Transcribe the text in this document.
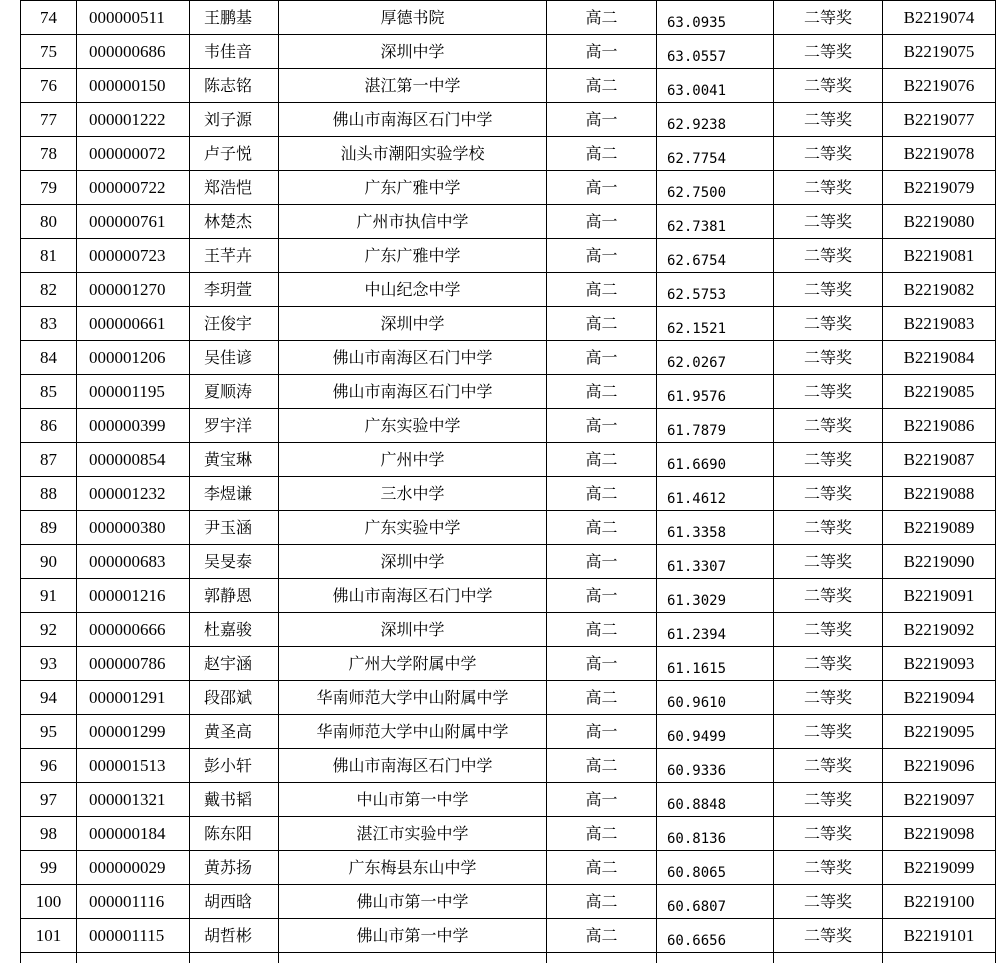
74	000000511	王鹏基	厚德书院	高二	63.0935	二等奖	B2219074
75	000000686	韦佳音	深圳中学	高一	63.0557	二等奖	B2219075
76	000000150	陈志铭	湛江第一中学	高二	63.0041	二等奖	B2219076
77	000001222	刘子源	佛山市南海区石门中学	高一	62.9238	二等奖	B2219077
78	000000072	卢子悦	汕头市潮阳实验学校	高二	62.7754	二等奖	B2219078
79	000000722	郑浩恺	广东广雅中学	高一	62.7500	二等奖	B2219079
80	000000761	林楚杰	广州市执信中学	高一	62.7381	二等奖	B2219080
81	000000723	王芊卉	广东广雅中学	高一	62.6754	二等奖	B2219081
82	000001270	李玥萱	中山纪念中学	高二	62.5753	二等奖	B2219082
83	000000661	汪俊宇	深圳中学	高二	62.1521	二等奖	B2219083
84	000001206	吴佳谚	佛山市南海区石门中学	高一	62.0267	二等奖	B2219084
85	000001195	夏顺涛	佛山市南海区石门中学	高二	61.9576	二等奖	B2219085
86	000000399	罗宇洋	广东实验中学	高一	61.7879	二等奖	B2219086
87	000000854	黄宝琳	广州中学	高二	61.6690	二等奖	B2219087
88	000001232	李煜谦	三水中学	高二	61.4612	二等奖	B2219088
89	000000380	尹玉涵	广东实验中学	高二	61.3358	二等奖	B2219089
90	000000683	吴旻泰	深圳中学	高一	61.3307	二等奖	B2219090
91	000001216	郭静恩	佛山市南海区石门中学	高一	61.3029	二等奖	B2219091
92	000000666	杜嘉骏	深圳中学	高二	61.2394	二等奖	B2219092
93	000000786	赵宇涵	广州大学附属中学	高一	61.1615	二等奖	B2219093
94	000001291	段邵斌	华南师范大学中山附属中学	高二	60.9610	二等奖	B2219094
95	000001299	黄圣高	华南师范大学中山附属中学	高一	60.9499	二等奖	B2219095
96	000001513	彭小轩	佛山市南海区石门中学	高二	60.9336	二等奖	B2219096
97	000001321	戴书韬	中山市第一中学	高一	60.8848	二等奖	B2219097
98	000000184	陈东阳	湛江市实验中学	高二	60.8136	二等奖	B2219098
99	000000029	黄苏扬	广东梅县东山中学	高二	60.8065	二等奖	B2219099
100	000001116	胡西晗	佛山市第一中学	高二	60.6807	二等奖	B2219100
101	000001115	胡哲彬	佛山市第一中学	高二	60.6656	二等奖	B2219101
